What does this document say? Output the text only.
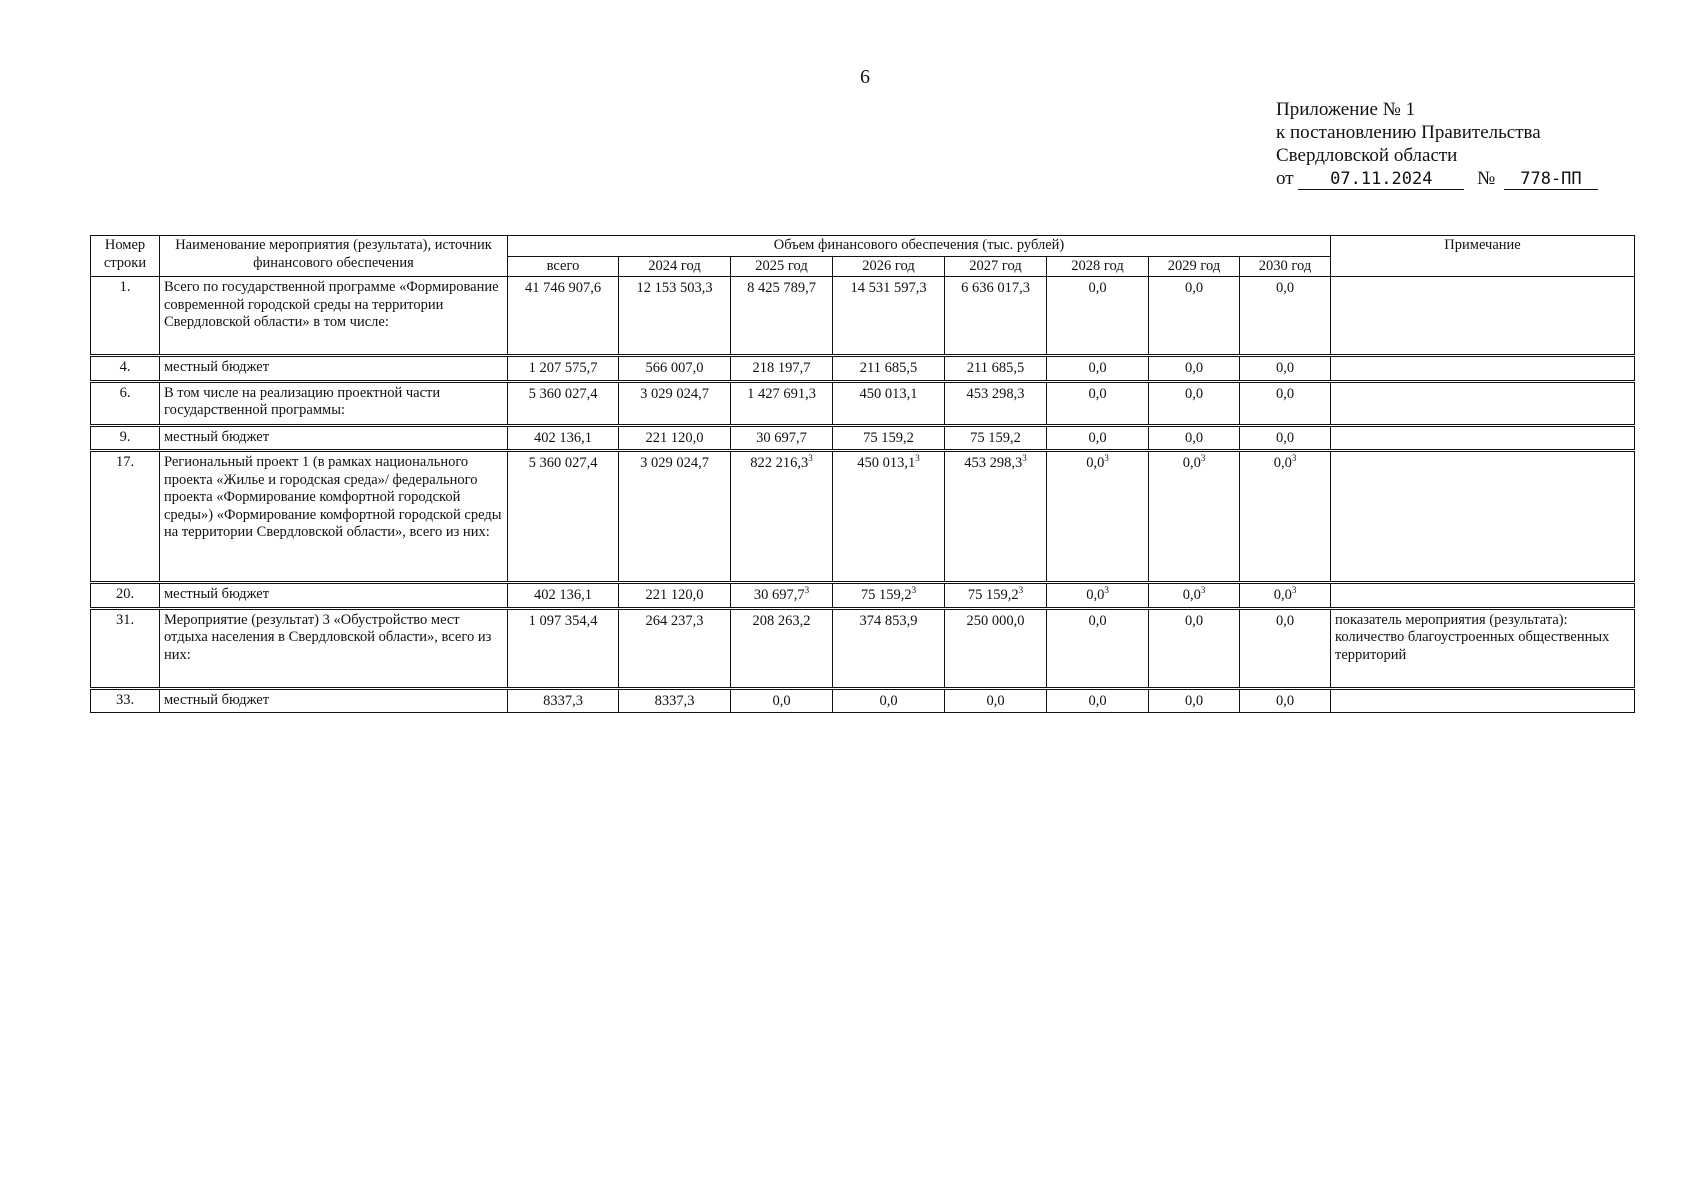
6
Приложение № 1
к постановлению Правительства
Свердловской области
от 07.11.2024 № 778-ПП
Номер строки	Наименование мероприятия (результата), источник финансового обеспечения	Объем финансового обеспечения (тыс. рублей)								Примечание
		всего	2024 год	2025 год	2026 год	2027 год	2028 год	2029 год	2030 год	
1.	Всего по государственной программе «Формирование современной городской среды на территории Свердловской области» в том числе:	41 746 907,6	12 153 503,3	8 425 789,7	14 531 597,3	6 636 017,3	0,0	0,0	0,0	

4.	местный бюджет	1 207 575,7	566 007,0	218 197,7	211 685,5	211 685,5	0,0	0,0	0,0	

6.	В том числе на реализацию проектной части государственной программы:	5 360 027,4	3 029 024,7	1 427 691,3	450 013,1	453 298,3	0,0	0,0	0,0	

9.	местный бюджет	402 136,1	221 120,0	30 697,7	75 159,2	75 159,2	0,0	0,0	0,0	

17.	Региональный проект 1 (в рамках национального проекта «Жилье и городская среда»/ федерального проекта «Формирование комфортной городской среды») «Формирование комфортной городской среды на территории Свердловской области», всего из них:	5 360 027,4	3 029 024,7	822 216,3$^3$	450 013,1$^3$	453 298,3$^3$	$0,0^3$	$0,0^3$	$0,0^3$	

20.	местный бюджет	402 136,1	221 120,0	30 697,7$^3$	75 159,2$^3$	75 159,2$^3$	$0,0^3$	$0,0^3$	$0,0^3$	

31.	Мероприятие (результат) 3 «Обустройство мест отдыха населения в Свердловской области», всего из них:	1 097 354,4	264 237,3	208 263,2	374 853,9	250 000,0	0,0	0,0	0,0	показатель мероприятия (результата): количество благоустроенных общественных территорий

33.	местный бюджет	8337,3	8337,3	0,0	0,0	0,0	0,0	0,0	0,0	
